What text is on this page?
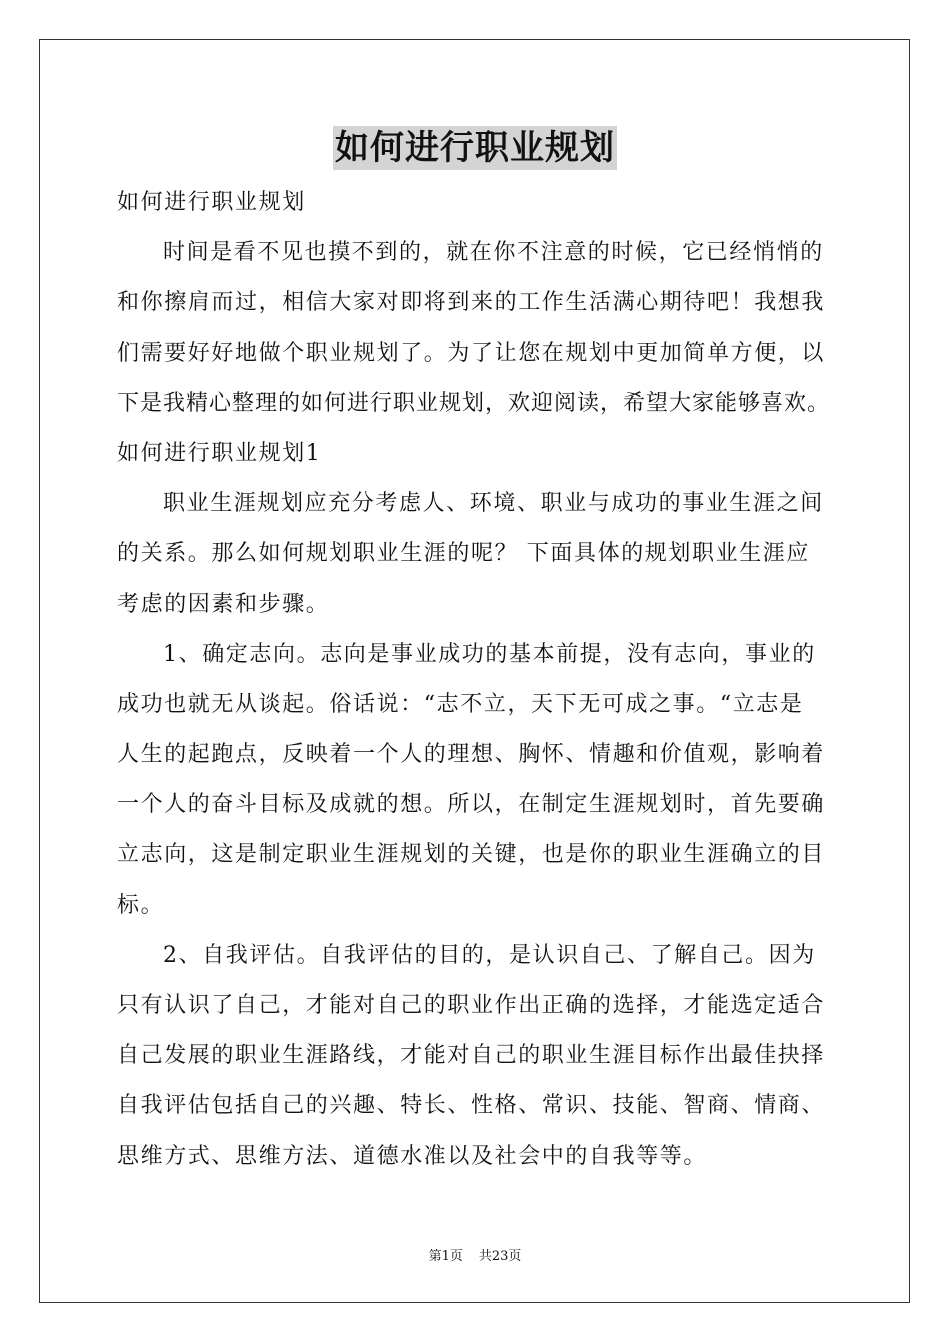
如何进行职业规划
如何进行职业规划
时间是看不见也摸不到的，就在你不注意的时候，它已经悄悄的
和你擦肩而过，相信大家对即将到来的工作生活满心期待吧！我想我
们需要好好地做个职业规划了。为了让您在规划中更加简单方便，以
下是我精心整理的如何进行职业规划，欢迎阅读，希望大家能够喜欢。
如何进行职业规划1
职业生涯规划应充分考虑人、环境、职业与成功的事业生涯之间
的关系。那么如何规划职业生涯的呢？ 下面具体的规划职业生涯应
考虑的因素和步骤。
1、确定志向。志向是事业成功的基本前提，没有志向，事业的
成功也就无从谈起。俗话说：“志不立，天下无可成之事。“立志是
人生的起跑点，反映着一个人的理想、胸怀、情趣和价值观，影响着
一个人的奋斗目标及成就的想。所以，在制定生涯规划时，首先要确
立志向，这是制定职业生涯规划的关键，也是你的职业生涯确立的目
标。
2、自我评估。自我评估的目的，是认识自己、了解自己。因为
只有认识了自己，才能对自己的职业作出正确的选择，才能选定适合
自己发展的职业生涯路线，才能对自己的职业生涯目标作出最佳抉择
自我评估包括自己的兴趣、特长、性格、常识、技能、智商、情商、
思维方式、思维方法、道德水准以及社会中的自我等等。
第1页 共23页
